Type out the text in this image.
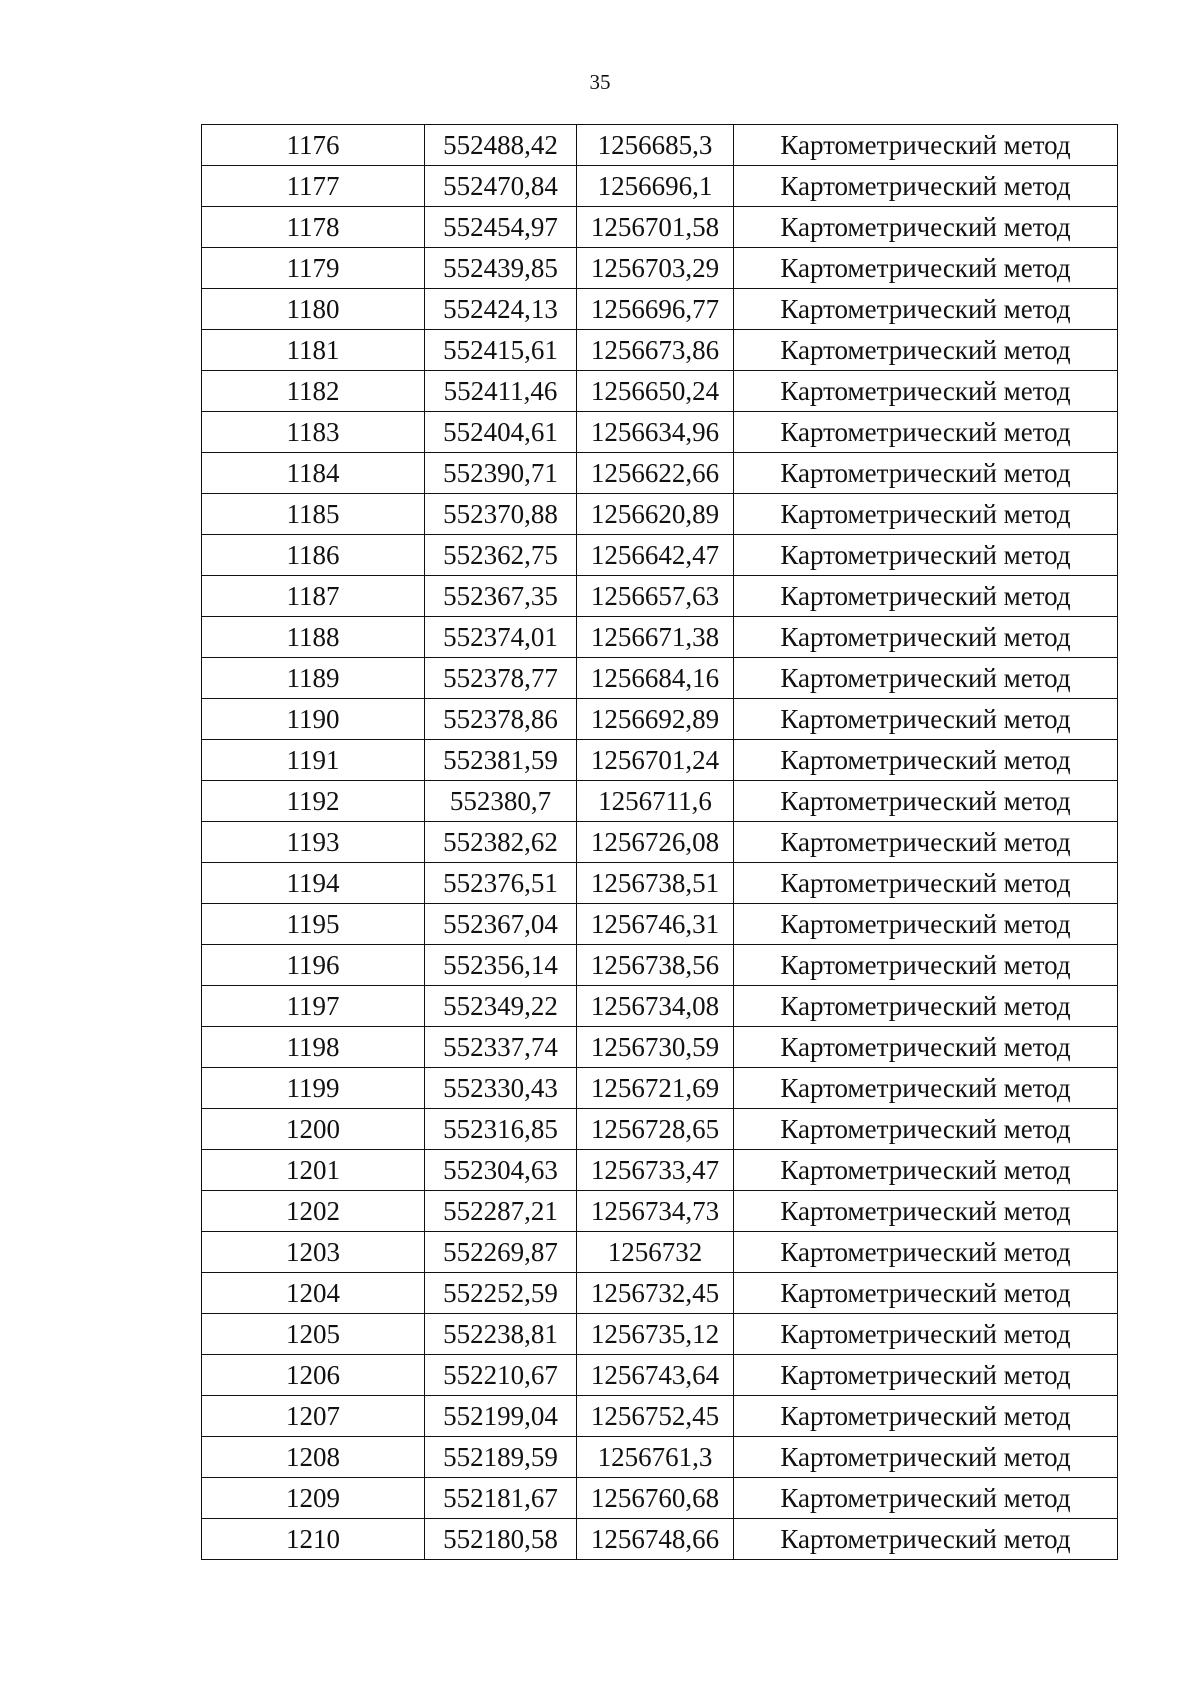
35
1176	552488,42	1256685,3	Картометрический метод
1177	552470,84	1256696,1	Картометрический метод
1178	552454,97	1256701,58	Картометрический метод
1179	552439,85	1256703,29	Картометрический метод
1180	552424,13	1256696,77	Картометрический метод
1181	552415,61	1256673,86	Картометрический метод
1182	552411,46	1256650,24	Картометрический метод
1183	552404,61	1256634,96	Картометрический метод
1184	552390,71	1256622,66	Картометрический метод
1185	552370,88	1256620,89	Картометрический метод
1186	552362,75	1256642,47	Картометрический метод
1187	552367,35	1256657,63	Картометрический метод
1188	552374,01	1256671,38	Картометрический метод
1189	552378,77	1256684,16	Картометрический метод
1190	552378,86	1256692,89	Картометрический метод
1191	552381,59	1256701,24	Картометрический метод
1192	552380,7	1256711,6	Картометрический метод
1193	552382,62	1256726,08	Картометрический метод
1194	552376,51	1256738,51	Картометрический метод
1195	552367,04	1256746,31	Картометрический метод
1196	552356,14	1256738,56	Картометрический метод
1197	552349,22	1256734,08	Картометрический метод
1198	552337,74	1256730,59	Картометрический метод
1199	552330,43	1256721,69	Картометрический метод
1200	552316,85	1256728,65	Картометрический метод
1201	552304,63	1256733,47	Картометрический метод
1202	552287,21	1256734,73	Картометрический метод
1203	552269,87	1256732	Картометрический метод
1204	552252,59	1256732,45	Картометрический метод
1205	552238,81	1256735,12	Картометрический метод
1206	552210,67	1256743,64	Картометрический метод
1207	552199,04	1256752,45	Картометрический метод
1208	552189,59	1256761,3	Картометрический метод
1209	552181,67	1256760,68	Картометрический метод
1210	552180,58	1256748,66	Картометрический метод
